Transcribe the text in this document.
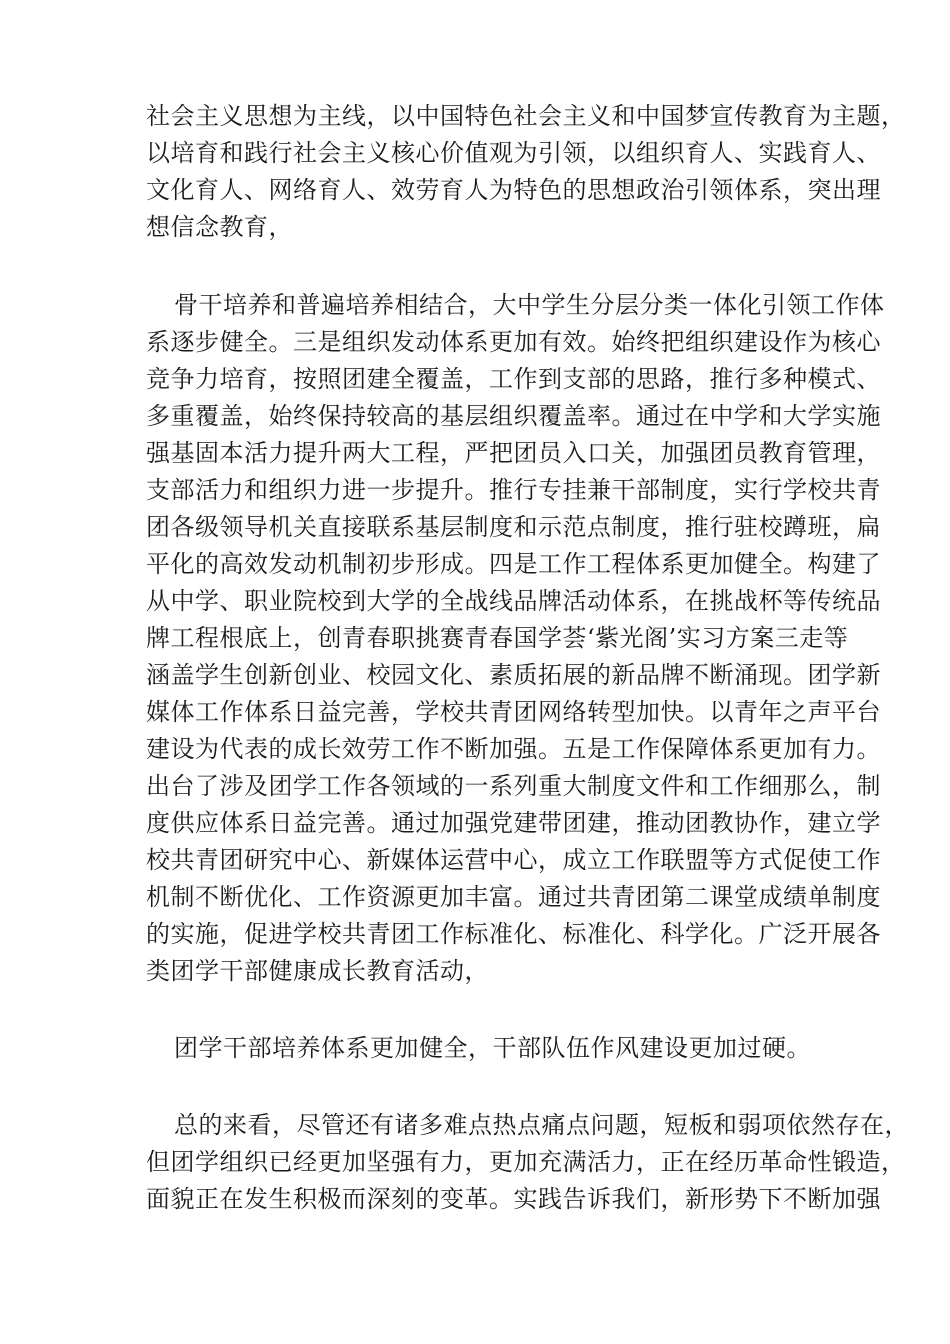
社会主义思想为主线，以中国特色社会主义和中国梦宣传教育为主题，
以培育和践行社会主义核心价值观为引领，以组织育人、实践育人、
文化育人、网络育人、效劳育人为特色的思想政治引领体系，突出理
想信念教育，

骨干培养和普遍培养相结合，大中学生分层分类一体化引领工作体
系逐步健全。三是组织发动体系更加有效。始终把组织建设作为核心
竞争力培育，按照团建全覆盖，工作到支部的思路，推行多种模式、
多重覆盖，始终保持较高的基层组织覆盖率。通过在中学和大学实施
强基固本活力提升两大工程，严把团员入口关，加强团员教育管理，
支部活力和组织力进一步提升。推行专挂兼干部制度，实行学校共青
团各级领导机关直接联系基层制度和示范点制度，推行驻校蹲班，扁
平化的高效发动机制初步形成。四是工作工程体系更加健全。构建了
从中学、职业院校到大学的全战线品牌活动体系，在挑战杯等传统品
牌工程根底上，创青春职挑赛青春国学荟‘紫光阁’实习方案三走等
涵盖学生创新创业、校园文化、素质拓展的新品牌不断涌现。团学新
媒体工作体系日益完善，学校共青团网络转型加快。以青年之声平台
建设为代表的成长效劳工作不断加强。五是工作保障体系更加有力。
出台了涉及团学工作各领域的一系列重大制度文件和工作细那么，制
度供应体系日益完善。通过加强党建带团建，推动团教协作，建立学
校共青团研究中心、新媒体运营中心，成立工作联盟等方式促使工作
机制不断优化、工作资源更加丰富。通过共青团第二课堂成绩单制度
的实施，促进学校共青团工作标准化、标准化、科学化。广泛开展各
类团学干部健康成长教育活动，

团学干部培养体系更加健全，干部队伍作风建设更加过硬。

总的来看，尽管还有诸多难点热点痛点问题，短板和弱项依然存在，
但团学组织已经更加坚强有力，更加充满活力，正在经历革命性锻造，
面貌正在发生积极而深刻的变革。实践告诉我们，新形势下不断加强
